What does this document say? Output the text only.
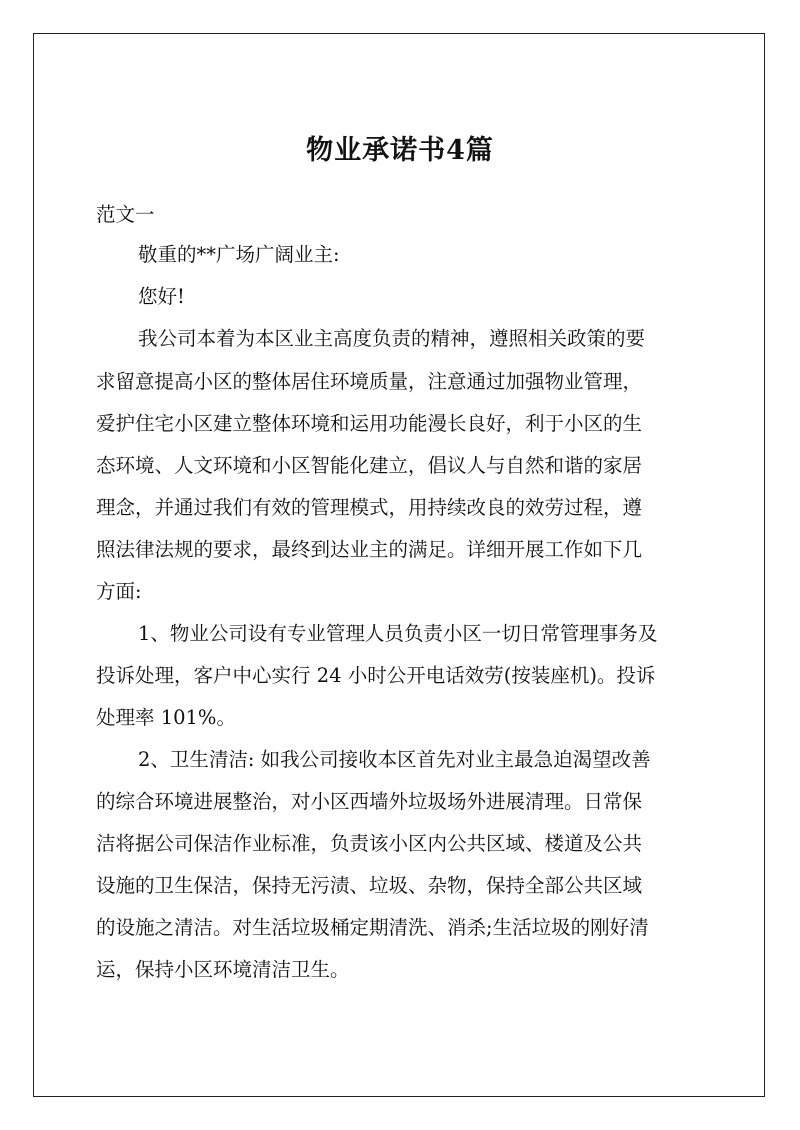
物业承诺书4篇

范文一

敬重的**广场广阔业主:

您好!

我公司本着为本区业主高度负责的精神，遵照相关政策的要

求留意提高小区的整体居住环境质量，注意通过加强物业管理，

爱护住宅小区建立整体环境和运用功能漫长良好，利于小区的生

态环境、人文环境和小区智能化建立，倡议人与自然和谐的家居

理念，并通过我们有效的管理模式，用持续改良的效劳过程，遵

照法律法规的要求，最终到达业主的满足。详细开展工作如下几

方面:

1、物业公司设有专业管理人员负责小区一切日常管理事务及

投诉处理，客户中心实行 24 小时公开电话效劳(按装座机)。投诉

处理率 101%。

2、卫生清洁: 如我公司接收本区首先对业主最急迫渴望改善

的综合环境进展整治，对小区西墙外垃圾场外进展清理。日常保

洁将据公司保洁作业标准，负责该小区内公共区域、楼道及公共

设施的卫生保洁，保持无污渍、垃圾、杂物，保持全部公共区域

的设施之清洁。对生活垃圾桶定期清洗、消杀;生活垃圾的刚好清

运，保持小区环境清洁卫生。
